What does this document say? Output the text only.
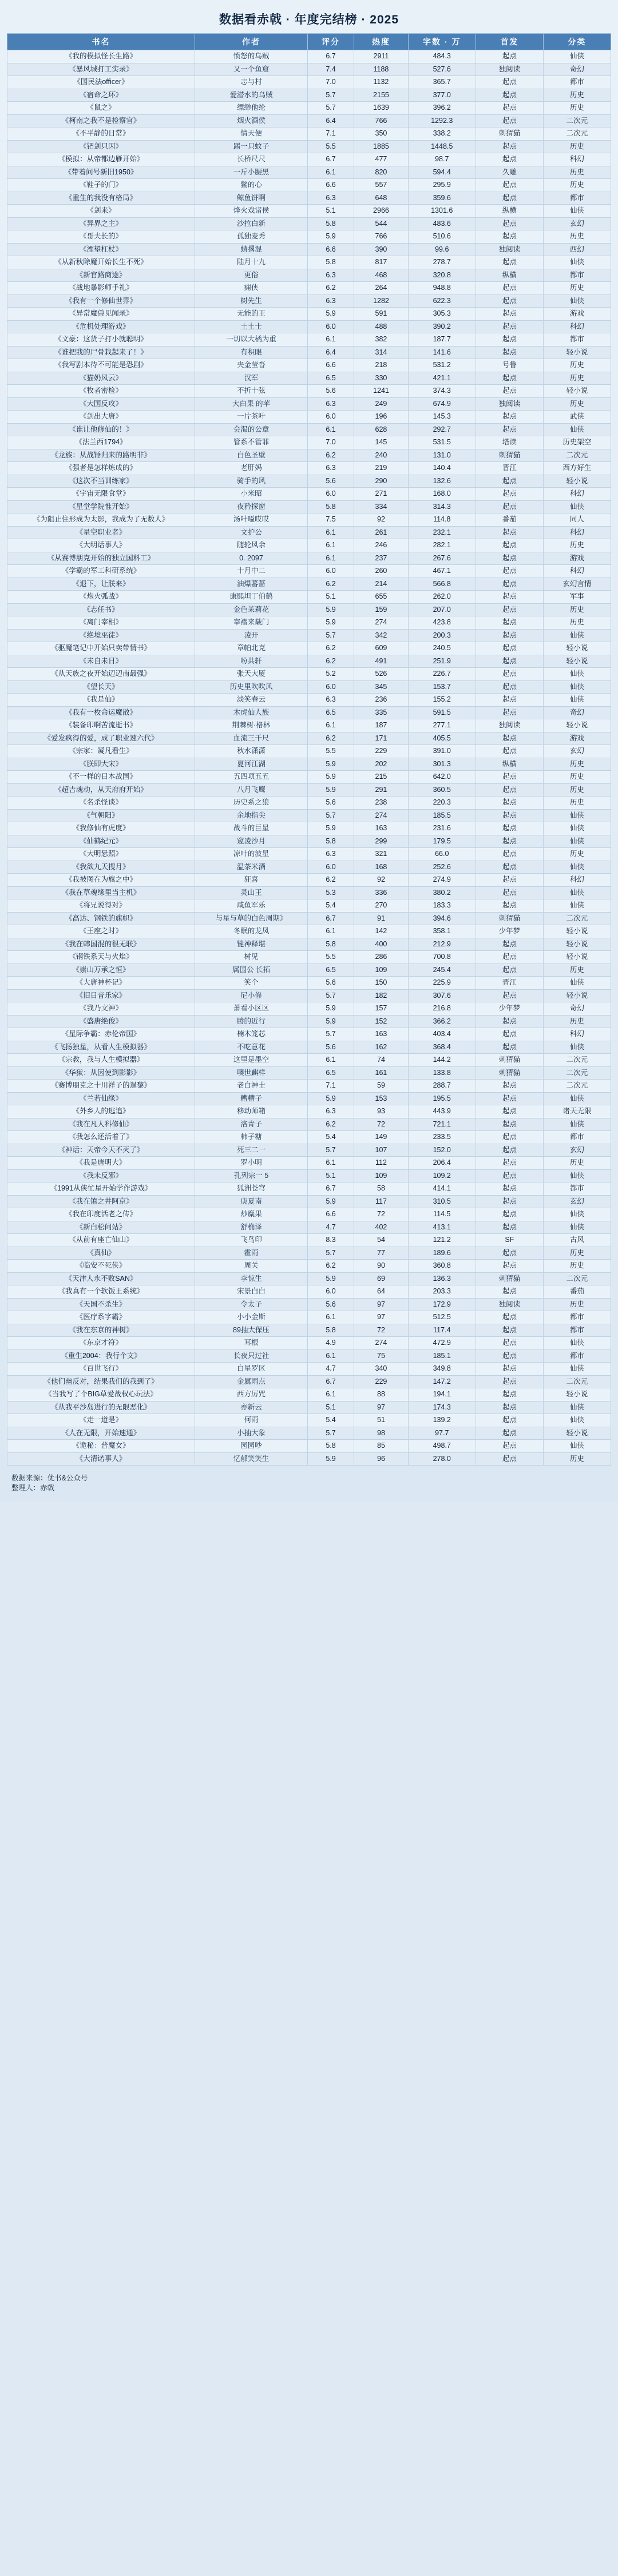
数据看赤戟 · 年度完结榜 · 2025
书名	作者	评分	热度	字数 · 万	首发	分类
《我的模拟怪长生路》	愤怒的乌贼	6.7	2911	484.3	起点	仙侠
《暴风城打工实录》	又一个鱼窟	7.4	1188	527.6	独阅读	奇幻
《国民法officer》	志与村	7.0	1132	365.7	起点	都市
《宿命之环》	爱潜水的乌贼	5.7	2155	377.0	起点	历史
《鼠之》	缥缈他纶	5.7	1639	396.2	起点	历史
《柯南之我不是检察官》	烟火酒侯	6.4	766	1292.3	起点	二次元
《不平静的日常》	情天便	7.1	350	338.2	刺猬猫	二次元
《钯剑只因》	踢一只蚊子	5.5	1885	1448.5	起点	历史
《模拟：从帝都边雁开始》	长桥尺尺	6.7	477	98.7	起点	科幻
《带着问号新旧1950》	一斤小腰黑	6.1	820	594.4	久雕	历史
《鞋子的门》	鳖的心	6.6	557	295.9	起点	历史
《重生的我没有格局》	鲸鱼饼啊	6.3	648	359.6	起点	都市
《剑来》	烽火戏诸侯	5.1	2966	1301.6	纵横	仙侠
《异界之主》	沙拉白新	5.8	544	483.6	起点	玄幻
《哥夫长的》	孤独麦秀	5.9	766	510.6	起点	历史
《湮望杠杖》	蜻撂混	6.6	390	99.6	独阅读	西幻
《从新秋除魔开始长生不死》	陆月十九	5.8	817	278.7	起点	仙侠
《新官路商途》	更俗	6.3	468	320.8	纵横	都市
《战地暴影师手礼》	痈侠	6.2	264	948.8	起点	历史
《我有一个修仙世界》	树先生	6.3	1282	622.3	起点	仙侠
《异常魔兽见闻录》	无能的王	5.9	591	305.3	起点	游戏
《危机处理游戏》	土土士	6.0	488	390.2	起点	科幻
《文豪：这货子打小就聪明》	一切以大橘为重	6.1	382	187.7	起点	都市
《谁把我的尸骨栽起来了！》	有积眼	6.4	314	141.6	起点	轻小说
《我写剧本待不可能是恐剧》	夹金莹沓	6.6	218	531.2	号鲁	历史
《猫奶风云》	汉军	6.5	330	421.1	起点	历史
《牧者密检》	不折十弦	5.6	1241	374.3	起点	轻小说
《大国反攻》	大白果 的苹	6.3	249	674.9	独阅读	历史
《剑出大唐》	一片茶叶	6.0	196	145.3	起点	武侠
《谁让他修仙的！》	会渴的公章	6.1	628	292.7	起点	仙侠
《法兰西1794》	管系不管罪	7.0	145	531.5	塔读	历史架空
《龙族：从战锤归来的路明非》	白色圣壁	6.2	240	131.0	刺猬猫	二次元
《强者是怎样炼成的》	老肝妈	6.3	219	140.4	晋江	西方好生
《这次不当训练家》	骑手的风	5.6	290	132.6	起点	轻小说
《宇宙无限食堂》	小米昭	6.0	271	168.0	起点	科幻
《星堂学院惟开始》	夜矜探窗	5.8	334	314.3	起点	仙侠
《为阻止住形成为太影，我成为了无数人》	汤叶嗌哎哎	7.5	92	114.8	番茄	同人
《星空职业者》	文护公	6.1	261	232.1	起点	科幻
《大明话事人》	随轮风余	6.1	246	282.1	起点	历史
《从赛博朋克开始的独立国科工》	0. 2097	6.1	237	267.6	起点	游戏
《学霸的军工科研系统》	十月中二	6.0	260	467.1	起点	科幻
《退下，让朕来》	油爆蕃蔷	6.2	214	566.8	起点	玄幻言情
《炮火弧战》	康熙坦丁伯鹤	5.1	655	262.0	起点	军事
《志任书》	金色茉莉花	5.9	159	207.0	起点	历史
《离门宰相》	宰褶来载门	5.9	274	423.8	起点	历史
《绝境巫徒》	凌开	5.7	342	200.3	起点	仙侠
《驱魔笔记中开始只卖带情书》	章帕北克	6.2	609	240.5	起点	轻小说
《未自未日》	吩共轩	6.2	491	251.9	起点	轻小说
《从天族之夜开始辺辺南最强》	张天大厦	5.2	526	226.7	起点	仙侠
《望长天》	历史里吹吹风	6.0	345	153.7	起点	仙侠
《我是仙》	淡笑春云	6.3	236	155.2	起点	仙侠
《我有一枚命运魔散》	木虎仙人族	6.5	335	591.5	起点	奇幻
《装备印啊苦流逝书》	荆棘树·格林	6.1	187	277.1	独阅读	轻小说
《爱发疯得的爱，成了职业速六代》	血流三千尺	6.2	171	405.5	起点	游戏
《宗家：凝凡看生》	秋水潇潇	5.5	229	391.0	起点	玄幻
《朕即大宋》	夏河江湖	5.9	202	301.3	纵横	历史
《不一样的日本战国》	五四项五五	5.9	215	642.0	起点	历史
《超吉魂动，从天府府开始》	八月飞鹰	5.9	291	360.5	起点	历史
《名杀怪谈》	历史系之狼	5.6	238	220.3	起点	历史
《气朝阳》	余地指尖	5.7	274	185.5	起点	仙侠
《我修仙有虎度》	战斗的巨星	5.9	163	231.6	起点	仙侠
《仙鹤纪元》	窥凌沙月	5.8	299	179.5	起点	仙侠
《大明悬照》	凉叶的波星	6.3	321	66.0	起点	历史
《我欲九天搜月》	温茶米酒	6.0	168	252.6	起点	仙侠
《我被图在为旗之中》	狂喜	6.2	92	274.9	起点	科幻
《我在草魂缘里当主机》	灵山王	5.3	336	380.2	起点	仙侠
《将兄说得对》	咸鱼军乐	5.4	270	183.3	起点	仙侠
《高达、钢铁的旗帜》	与星与草的白色周期》	6.7	91	394.6	刺猬猫	二次元
《王座之时》	冬眠的龙凤	6.1	142	358.1	少年梦	轻小说
《我在韩国混的很无联》	键神释堪	5.8	400	212.9	起点	轻小说
《钢铁系天与火焰》	树见	5.5	286	700.8	起点	轻小说
《崇山万承之恒》	属国公 长拓	6.5	109	245.4	起点	历史
《大唐神杯记》	笑个	5.6	150	225.9	晋江	仙侠
《旧日音乐家》	尼小修	5.7	182	307.6	起点	轻小说
《我乃文神》	萧看小区区	5.9	157	216.8	少年梦	奇幻
《盛唐绝俊》	腾的近行	5.9	152	366.2	起点	历史
《星际争霸：赤伦帝国》	楠木笼芯	5.7	163	403.4	起点	科幻
《飞扬独星，从看人生模拟器》	不吃意花	5.6	162	368.4	起点	仙侠
《宗教，我与人生模拟器》	这里是墨空	6.1	74	144.2	刺猬猫	二次元
《华狱：从因使到影影》	噢世麒样	6.5	161	133.8	刺猬猫	二次元
《赛博朋克之十川祥子的逞黎》	老白神士	7.1	59	288.7	起点	二次元
《兰若仙缘》	糟糟子	5.9	153	195.5	起点	仙侠
《外乡人的逃追》	移动师箱	6.3	93	443.9	起点	诸天无限
《我在凡人科修仙》	洛青子	6.2	72	721.1	起点	仙侠
《我怎么还活着了》	柿子糖	5.4	149	233.5	起点	都市
《神话：天帝今天不灭了》	死三二一	5.7	107	152.0	起点	玄幻
《我是唐明大》	罗小明	6.1	112	206.4	起点	历史
《我未反邪》	孔列宗一 5	5.1	109	109.2	起点	仙侠
《1991从侠忙星开始学作游戏》	狐洲苍穹	6.7	58	414.1	起点	都市
《我在镇之井阿京》	庚夏南	5.9	117	310.5	起点	玄幻
《我在印度活老之传》	炒麋果	6.6	72	114.5	起点	仙侠
《新白松问站》	舒桷泽	4.7	402	413.1	起点	仙侠
《从前有座亡仙山》	飞鸟印	8.3	54	121.2	SF	古风
《真仙》	霍雨	5.7	77	189.6	起点	历史
《临安不死侠》	周关	6.2	90	360.8	起点	历史
《天津人永不败SAN》	李惊生	5.9	69	136.3	刺猬猫	二次元
《我真有一个软饭王系统》	宋景白白	6.0	64	203.3	起点	番茄
《天国不杀生》	令太子	5.6	97	172.9	独阅读	历史
《医疗系字霸》	小小金斯	6.1	97	512.5	起点	都市
《我在东京的神树》	89抽大保压	5.8	72	117.4	起点	都市
《东京才符》	耳根	4.9	274	472.9	起点	仙侠
《重生2004：我行个文》	长夜只过社	6.1	75	185.1	起点	都市
《百世飞行》	白星罗区	4.7	340	349.8	起点	仙侠
《他们幽反对，结果我们的我到了》	金属雨点	6.7	229	147.2	起点	二次元
《当我写了个BIG草爱战权心玩法》	西方厉咒	6.1	88	194.1	起点	轻小说
《从我平沙岛进行的无限恶化》	亦新云	5.1	97	174.3	起点	仙侠
《走一道是》	何雨	5.4	51	139.2	起点	仙侠
《人在无限，开始速通》	小抽大象	5.7	98	97.7	起点	轻小说
《诡秘：普魔女》	园园吵	5.8	85	498.7	起点	仙侠
《大清诺事人》	忆郁笑笑生	5.9	96	278.0	起点	历史
数据来源：优书&公众号
整理人：赤戟
